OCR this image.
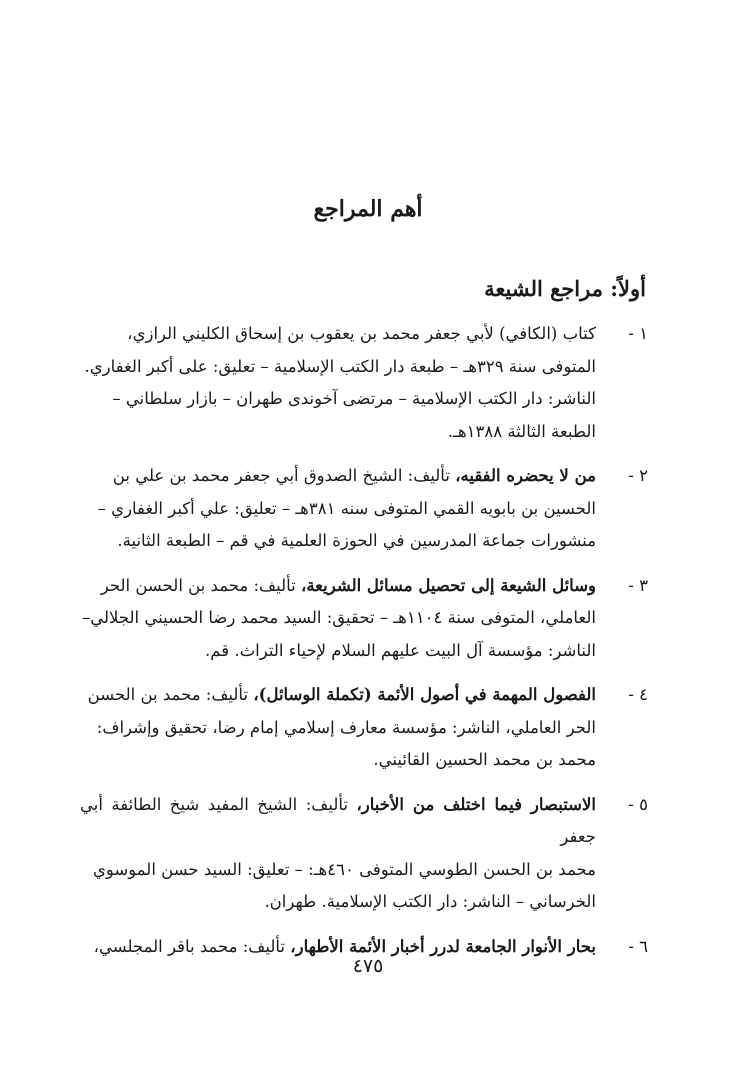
أهم المراجع
أولاً: مراجع الشيعة
١ -
كتاب (الكافي) لأبي جعفر محمد بن يعقوب بن إسحاق الكليني الرازي،
المتوفى سنة ٣٢٩هـ – طبعة دار الكتب الإسلامية – تعليق: على أكبر الغفاري.
الناشر: دار الكتب الإسلامية – مرتضى آخوندى طهران – بازار سلطاني –
الطبعة الثالثة ١٣٨٨هـ.
٢ -
من لا يحضره الفقيه، تأليف: الشيخ الصدوق أبي جعفر محمد بن علي بن
الحسين بن بابويه القمي المتوفى سنه ٣٨١هـ – تعليق: علي أكبر الغفاري –
منشورات جماعة المدرسين في الحوزة العلمية في قم – الطبعة الثانية.
٣ -
وسائل الشيعة إلى تحصيل مسائل الشريعة، تأليف: محمد بن الحسن الحر
العاملي، المتوفى سنة ١١٠٤هـ – تحقيق: السيد محمد رضا الحسيني الجلالي–
الناشر: مؤسسة آل البيت عليهم السلام لإحياء التراث. قم.
٤ -
الفصول المهمة في أصول الأئمة (تكملة الوسائل)، تأليف: محمد بن الحسن
الحر العاملي، الناشر: مؤسسة معارف إسلامي إمام رضا، تحقيق وإشراف:
محمد بن محمد الحسين القائيني.
٥ -
الاستبصار فيما اختلف من الأخبار، تأليف: الشيخ المفيد شيخ الطائفة أبي جعفر
محمد بن الحسن الطوسي المتوفى ٤٦٠هـ: – تعليق: السيد حسن الموسوي
الخرساني – الناشر: دار الكتب الإسلامية. طهران.
٦ -
بحار الأنوار الجامعة لدرر أخبار الأئمة الأطهار، تأليف: محمد باقر المجلسي،
٤٧٥
